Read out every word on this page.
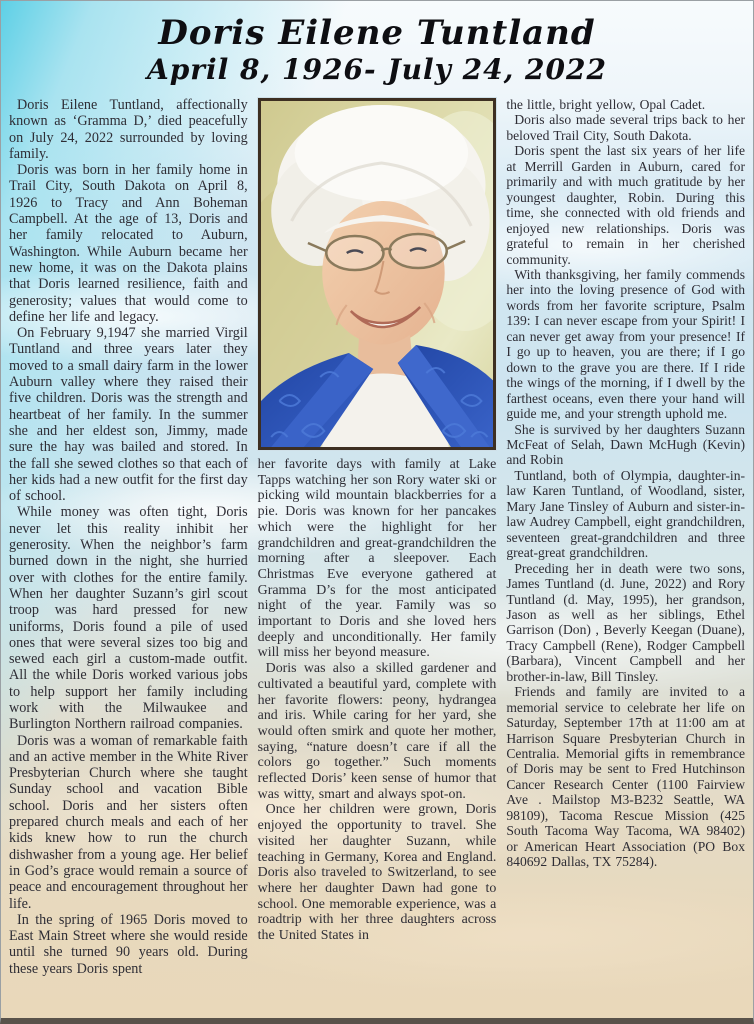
Doris Eilene Tuntland
April 8, 1926- July 24, 2022

Doris Eilene Tuntland, affectionally known as ‘Gramma D,’ died peacefully on July 24, 2022 surrounded by loving family.

Doris was born in her family home in Trail City, South Dakota on April 8, 1926 to Tracy and Ann Boheman Campbell. At the age of 13, Doris and her family relocated to Auburn, Washington. While Auburn became her new home, it was on the Dakota plains that Doris learned resilience, faith and generosity; values that would come to define her life and legacy.

On February 9,1947 she married Virgil Tuntland and three years later they moved to a small dairy farm in the lower Auburn valley where they raised their five children. Doris was the strength and heartbeat of her family. In the summer she and her eldest son, Jimmy, made sure the hay was bailed and stored. In the fall she sewed clothes so that each of her kids had a new outfit for the first day of school.

While money was often tight, Doris never let this reality inhibit her generosity. When the neighbor’s farm burned down in the night, she hurried over with clothes for the entire family. When her daughter Suzann’s girl scout troop was hard pressed for new uniforms, Doris found a pile of used ones that were several sizes too big and sewed each girl a custom-made outfit. All the while Doris worked various jobs to help support her family including work with the Milwaukee and Burlington Northern railroad companies.

Doris was a woman of remarkable faith and an active member in the White River Presbyterian Church where she taught Sunday school and vacation Bible school. Doris and her sisters often prepared church meals and each of her kids knew how to run the church dishwasher from a young age. Her belief in God’s grace would remain a source of peace and encouragement throughout her life.

In the spring of 1965 Doris moved to East Main Street where she would reside until she turned 90 years old. During these years Doris spent

her favorite days with family at Lake Tapps watching her son Rory water ski or picking wild mountain blackberries for a pie. Doris was known for her pancakes which were the highlight for her grandchildren and great-grandchildren the morning after a sleepover. Each Christmas Eve everyone gathered at Gramma D’s for the most anticipated night of the year. Family was so important to Doris and she loved hers deeply and unconditionally. Her family will miss her beyond measure.

Doris was also a skilled gardener and cultivated a beautiful yard, complete with her favorite flowers: peony, hydrangea and iris. While caring for her yard, she would often smirk and quote her mother, saying, “nature doesn’t care if all the colors go together.” Such moments reflected Doris’ keen sense of humor that was witty, smart and always spot-on.

Once her children were grown, Doris enjoyed the opportunity to travel. She visited her daughter Suzann, while teaching in Germany, Korea and England. Doris also traveled to Switzerland, to see where her daughter Dawn had gone to school. One memorable experience, was a roadtrip with her three daughters across the United States in

the little, bright yellow, Opal Cadet.

Doris also made several trips back to her beloved Trail City, South Dakota.

Doris spent the last six years of her life at Merrill Garden in Auburn, cared for primarily and with much gratitude by her youngest daughter, Robin. During this time, she connected with old friends and enjoyed new relationships. Doris was grateful to remain in her cherished community.

With thanksgiving, her family commends her into the loving presence of God with words from her favorite scripture, Psalm 139: I can never escape from your Spirit! I can never get away from your presence! If I go up to heaven, you are there; if I go down to the grave you are there. If I ride the wings of the morning, if I dwell by the farthest oceans, even there your hand will guide me, and your strength uphold me.

She is survived by her daughters Suzann McFeat of Selah, Dawn McHugh (Kevin) and Robin

Tuntland, both of Olympia, daughter-in-law Karen Tuntland, of Woodland, sister, Mary Jane Tinsley of Auburn and sister-in-law Audrey Campbell, eight grandchildren, seventeen great-grandchildren and three great-great grandchildren.

Preceding her in death were two sons, James Tuntland (d. June, 2022) and Rory Tuntland (d. May, 1995), her grandson, Jason as well as her siblings, Ethel Garrison (Don) , Beverly Keegan (Duane), Tracy Campbell (Rene), Rodger Campbell (Barbara), Vincent Campbell and her brother-in-law, Bill Tinsley.

Friends and family are invited to a memorial service to celebrate her life on Saturday, September 17th at 11:00 am at Harrison Square Presbyterian Church in Centralia. Memorial gifts in remembrance of Doris may be sent to Fred Hutchinson Cancer Research Center (1100 Fairview Ave . Mailstop M3-B232 Seattle, WA 98109), Tacoma Rescue Mission (425 South Tacoma Way Tacoma, WA 98402) or American Heart Association (PO Box 840692 Dallas, TX 75284).
